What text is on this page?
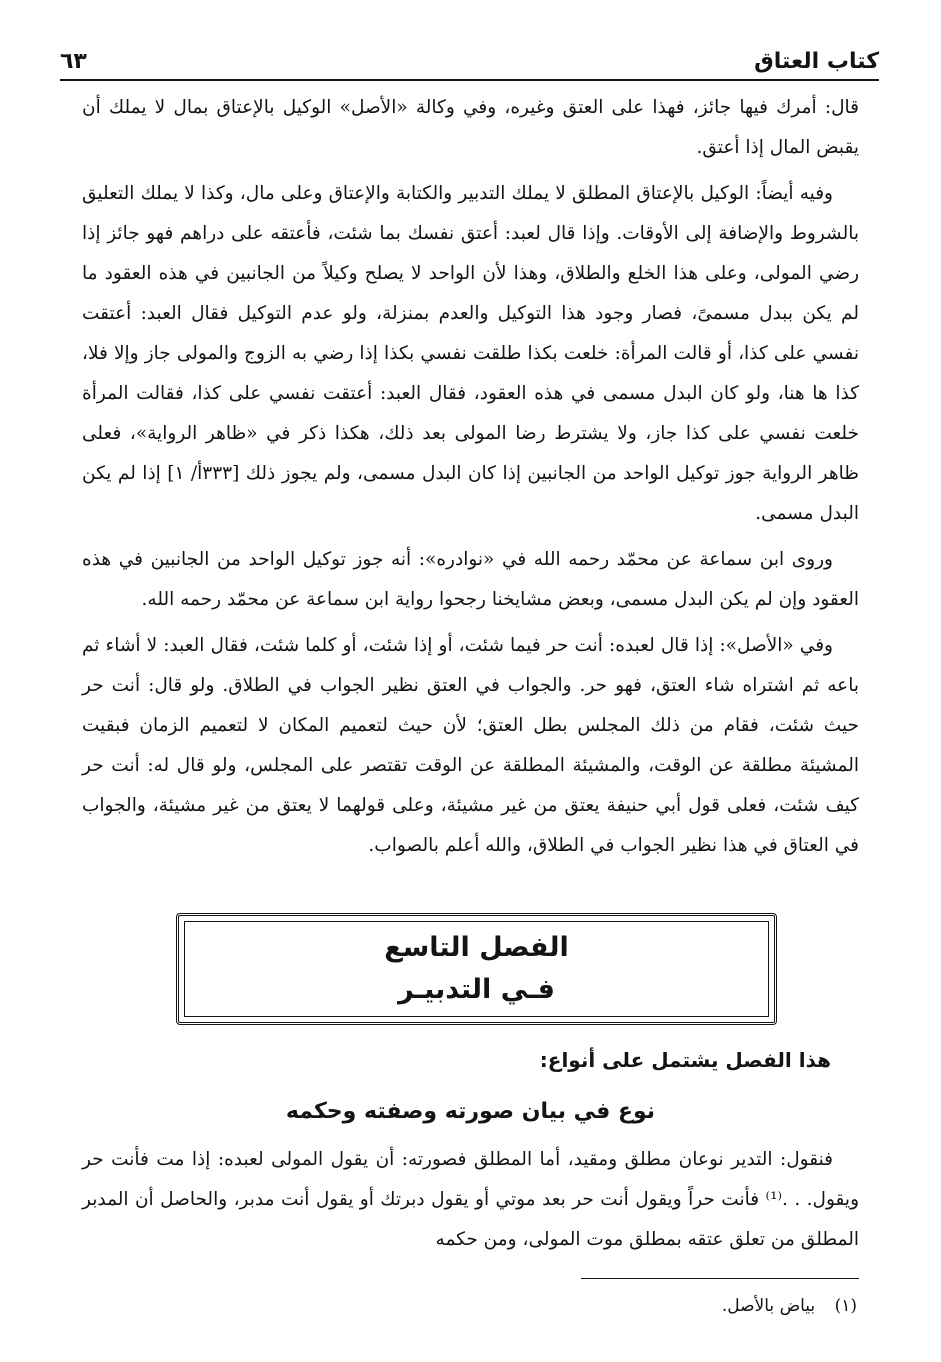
كتاب العتاق
٦٣

قال: أمرك فيها جائز، فهذا على العتق وغيره، وفي وكالة «الأصل» الوكيل بالإعتاق بمال لا يملك أن يقبض المال إذا أعتق.

وفيه أيضاً: الوكيل بالإعتاق المطلق لا يملك التدبير والكتابة والإعتاق وعلى مال، وكذا لا يملك التعليق بالشروط والإضافة إلى الأوقات. وإذا قال لعبد: أعتق نفسك بما شئت، فأعتقه على دراهم فهو جائز إذا رضي المولى، وعلى هذا الخلع والطلاق، وهذا لأن الواحد لا يصلح وكيلاً من الجانبين في هذه العقود ما لم يكن ببدل مسمىً، فصار وجود هذا التوكيل والعدم بمنزلة، ولو عدم التوكيل فقال العبد: أعتقت نفسي على كذا، أو قالت المرأة: خلعت بكذا طلقت نفسي بكذا إذا رضي به الزوج والمولى جاز وإلا فلا، كذا ها هنا، ولو كان البدل مسمى في هذه العقود، فقال العبد: أعتقت نفسي على كذا، فقالت المرأة خلعت نفسي على كذا جاز، ولا يشترط رضا المولى بعد ذلك، هكذا ذكر في «ظاهر الرواية»، فعلى ظاهر الرواية جوز توكيل الواحد من الجانبين إذا كان البدل مسمى، ولم يجوز ذلك [٣٣٣أ/ ١] إذا لم يكن البدل مسمى.

وروى ابن سماعة عن محمّد رحمه الله في «نوادره»: أنه جوز توكيل الواحد من الجانبين في هذه العقود وإن لم يكن البدل مسمى، وبعض مشايخنا رجحوا رواية ابن سماعة عن محمّد رحمه الله.

وفي «الأصل»: إذا قال لعبده: أنت حر فيما شئت، أو إذا شئت، أو كلما شئت، فقال العبد: لا أشاء ثم باعه ثم اشتراه شاء العتق، فهو حر. والجواب في العتق نظير الجواب في الطلاق. ولو قال: أنت حر حيث شئت، فقام من ذلك المجلس بطل العتق؛ لأن حيث لتعميم المكان لا لتعميم الزمان فبقيت المشيئة مطلقة عن الوقت، والمشيئة المطلقة عن الوقت تقتصر على المجلس، ولو قال له: أنت حر كيف شئت، فعلى قول أبي حنيفة يعتق من غير مشيئة، وعلى قولهما لا يعتق من غير مشيئة، والجواب في العتاق في هذا نظير الجواب في الطلاق، والله أعلم بالصواب.

الفصل التاسع
فـي التدبيـر
هذا الفصل يشتمل على أنواع:
نوع في بيان صورته وصفته وحكمه

فنقول: التدير نوعان مطلق ومقيد، أما المطلق فصورته: أن يقول المولى لعبده: إذا مت فأنت حر ويقول. . .⁽¹⁾ فأنت حراً ويقول أنت حر بعد موتي أو يقول دبرتك أو يقول أنت مدبر، والحاصل أن المدبر المطلق من تعلق عتقه بمطلق موت المولى، ومن حكمه

(١) بياض بالأصل.
